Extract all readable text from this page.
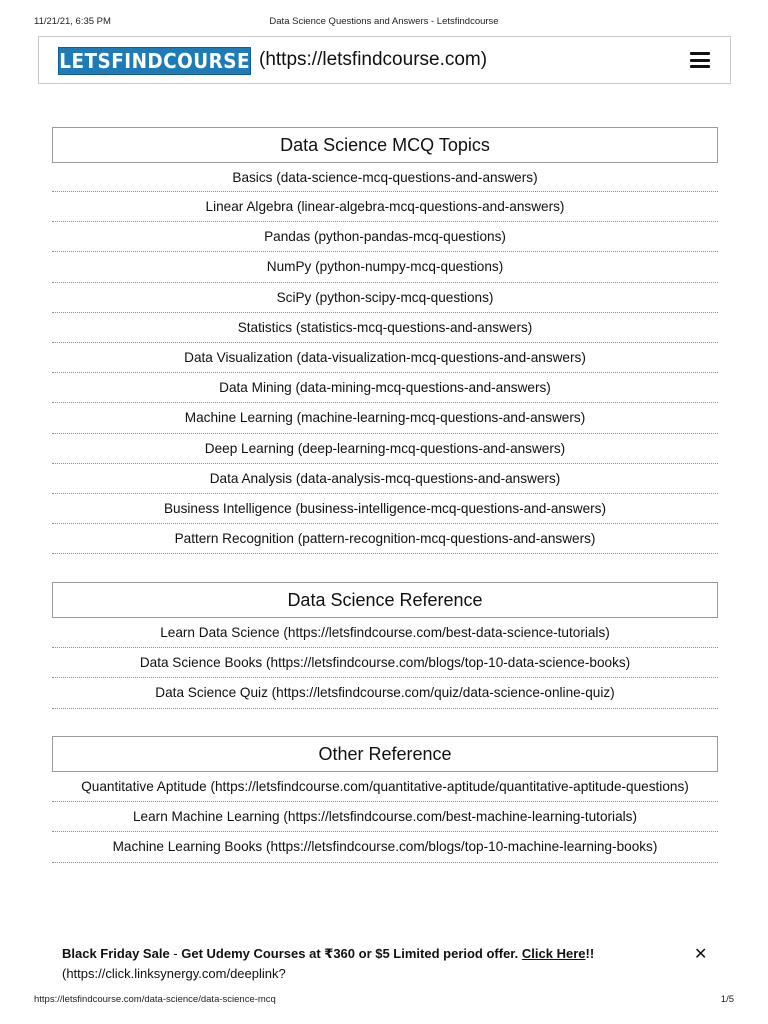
11/21/21, 6:35 PM	Data Science Questions and Answers - Letsfindcourse
LETSFINDCOURSE (https://letsfindcourse.com)
Data Science MCQ Topics
Basics (data-science-mcq-questions-and-answers)
Linear Algebra (linear-algebra-mcq-questions-and-answers)
Pandas (python-pandas-mcq-questions)
NumPy (python-numpy-mcq-questions)
SciPy (python-scipy-mcq-questions)
Statistics (statistics-mcq-questions-and-answers)
Data Visualization (data-visualization-mcq-questions-and-answers)
Data Mining (data-mining-mcq-questions-and-answers)
Machine Learning (machine-learning-mcq-questions-and-answers)
Deep Learning (deep-learning-mcq-questions-and-answers)
Data Analysis (data-analysis-mcq-questions-and-answers)
Business Intelligence (business-intelligence-mcq-questions-and-answers)
Pattern Recognition (pattern-recognition-mcq-questions-and-answers)
Data Science Reference
Learn Data Science (https://letsfindcourse.com/best-data-science-tutorials)
Data Science Books (https://letsfindcourse.com/blogs/top-10-data-science-books)
Data Science Quiz (https://letsfindcourse.com/quiz/data-science-online-quiz)
Other Reference
Quantitative Aptitude (https://letsfindcourse.com/quantitative-aptitude/quantitative-aptitude-questions)
Learn Machine Learning (https://letsfindcourse.com/best-machine-learning-tutorials)
Machine Learning Books (https://letsfindcourse.com/blogs/top-10-machine-learning-books)
Black Friday Sale - Get Udemy Courses at ₹360 or $5 Limited period offer. Click Here!!
(https://click.linksynergy.com/deeplink?
✕
https://letsfindcourse.com/data-science/data-science-mcq	1/5
